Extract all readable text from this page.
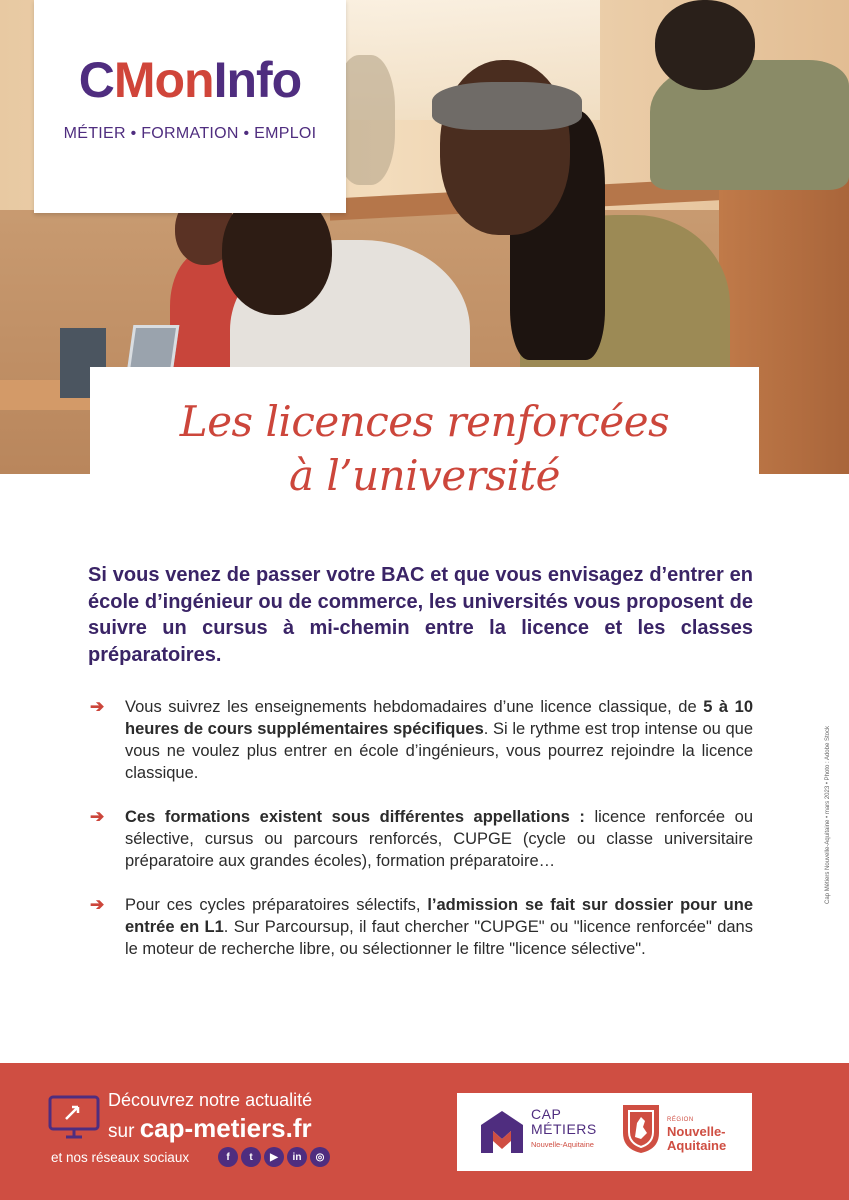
CMonInfo
MÉTIER • FORMATION • EMPLOI
Les licences renforcées
à l’université

Si vous venez de passer votre BAC et que vous envisagez d’entrer en école d’ingénieur ou de commerce, les universités vous proposent de suivre un cursus à mi-chemin entre la licence et les classes préparatoires.

➔ Vous suivrez les enseignements hebdomadaires d’une licence classique, de 5 à 10 heures de cours supplémentaires spécifiques. Si le rythme est trop intense ou que vous ne voulez plus entrer en école d’ingénieurs, vous pourrez rejoindre la licence classique.
➔ Ces formations existent sous différentes appellations : licence renforcée ou sélective, cursus ou parcours renforcés, CUPGE (cycle ou classe universitaire préparatoire aux grandes écoles), formation préparatoire…
➔ Pour ces cycles préparatoires sélectifs, l’admission se fait sur dossier pour une entrée en L1. Sur Parcoursup, il faut chercher "CUPGE" ou "licence renforcée" dans le moteur de recherche libre, ou sélectionner le filtre "licence sélective".
Cap Métiers Nouvelle-Aquitaine • mars 2023 • Photo : Adobe Stock
Découvrez notre actualité
sur cap-metiers.fr
et nos réseaux sociaux	f	t	▶	in	◎
CAP
MÉTIERS
Nouvelle-Aquitaine
RÉGION
Nouvelle-
Aquitaine
